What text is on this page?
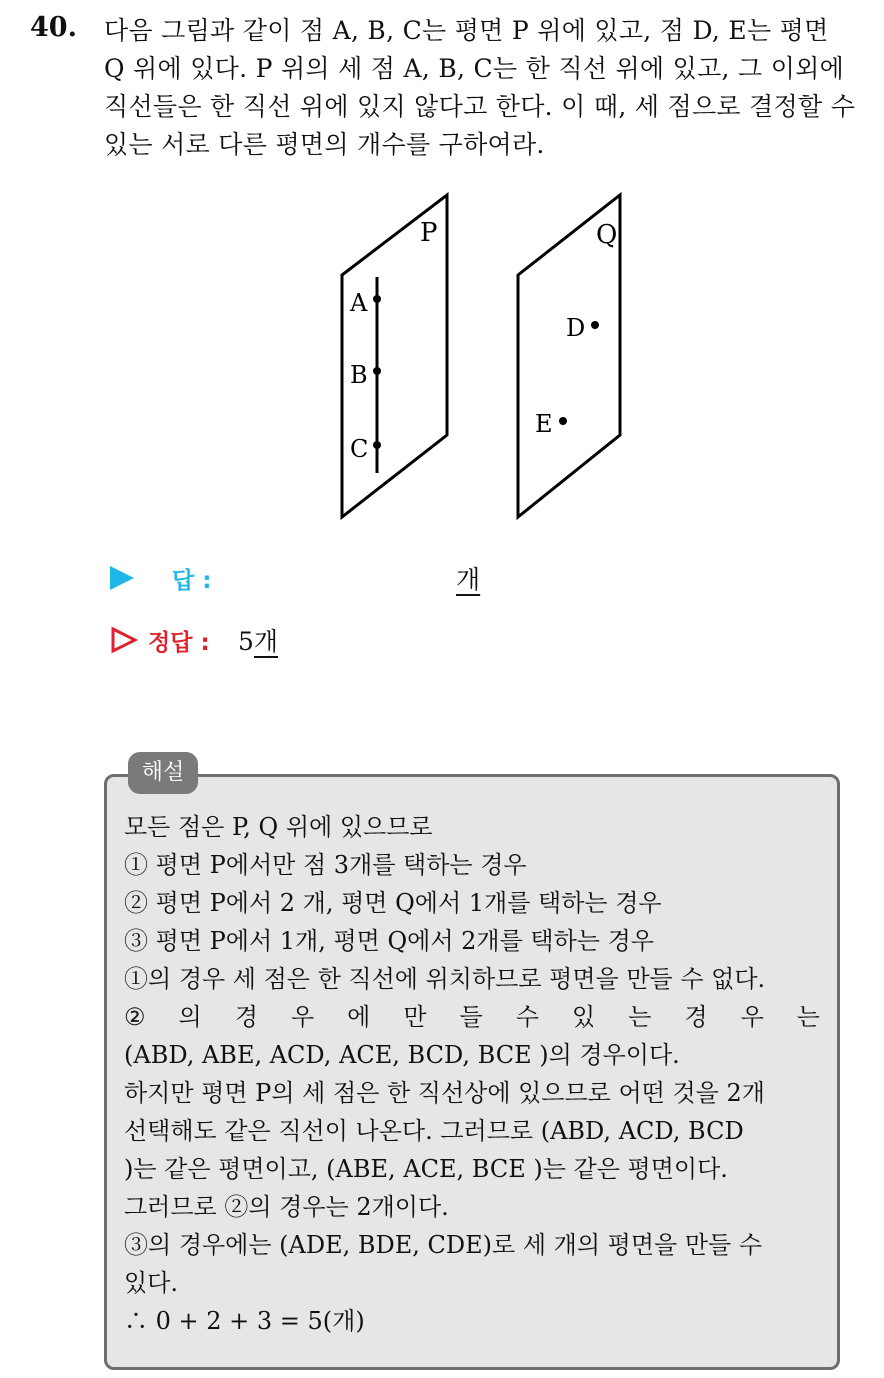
40. 다음 그림과 같이 점 A, B, C는 평면 P 위에 있고, 점 D, E는 평면
Q 위에 있다. P 위의 세 점 A, B, C는 한 직선 위에 있고, 그 이외에
직선들은 한 직선 위에 있지 않다고 한다. 이 때, 세 점으로 결정할 수
있는 서로 다른 평면의 개수를 구하여라.
P	Q
A
B
C
D
E
답 :	개
정답 : 5개
해설
모든 점은 P, Q 위에 있으므로
① 평면 P에서만 점 3개를 택하는 경우
② 평면 P에서 2 개, 평면 Q에서 1개를 택하는 경우
③ 평면 P에서 1개, 평면 Q에서 2개를 택하는 경우
①의 경우 세 점은 한 직선에 위치하므로 평면을 만들 수 없다.
② 의 경 우 에 만 들 수 있 는 경 우 는
(ABD, ABE, ACD, ACE, BCD, BCE )의 경우이다.
하지만 평면 P의 세 점은 한 직선상에 있으므로 어떤 것을 2개
선택해도 같은 직선이 나온다. 그러므로 (ABD, ACD, BCD
)는 같은 평면이고, (ABE, ACE, BCE )는 같은 평면이다.
그러므로 ②의 경우는 2개이다.
③의 경우에는 (ADE, BDE, CDE)로 세 개의 평면을 만들 수
있다.
∴ 0 + 2 + 3 = 5(개)
